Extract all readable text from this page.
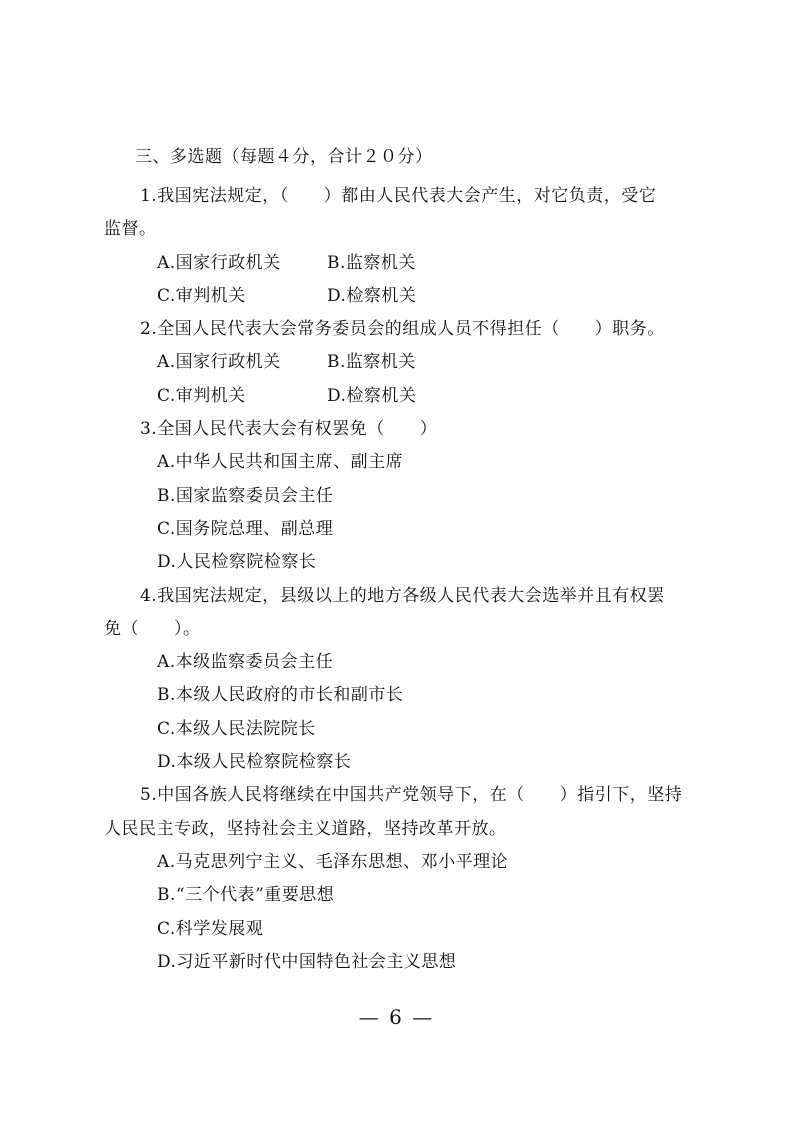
三、多选题（每题４分，合计２０分）
1.我国宪法规定，（　　）都由人民代表大会产生，对它负责，受它
监督。
A.国家行政机关	B.监察机关
C.审判机关	D.检察机关
2.全国人民代表大会常务委员会的组成人员不得担任（　　）职务。
A.国家行政机关	B.监察机关
C.审判机关	D.检察机关
3.全国人民代表大会有权罢免（　　）
A.中华人民共和国主席、副主席
B.国家监察委员会主任
C.国务院总理、副总理
D.人民检察院检察长
4.我国宪法规定，县级以上的地方各级人民代表大会选举并且有权罢
免（　　）。
A.本级监察委员会主任
B.本级人民政府的市长和副市长
C.本级人民法院院长
D.本级人民检察院检察长
5.中国各族人民将继续在中国共产党领导下，在（　　）指引下，坚持
人民民主专政，坚持社会主义道路，坚持改革开放。
A.马克思列宁主义、毛泽东思想、邓小平理论
B.“三个代表”重要思想
C.科学发展观
D.习近平新时代中国特色社会主义思想
— 6 —
